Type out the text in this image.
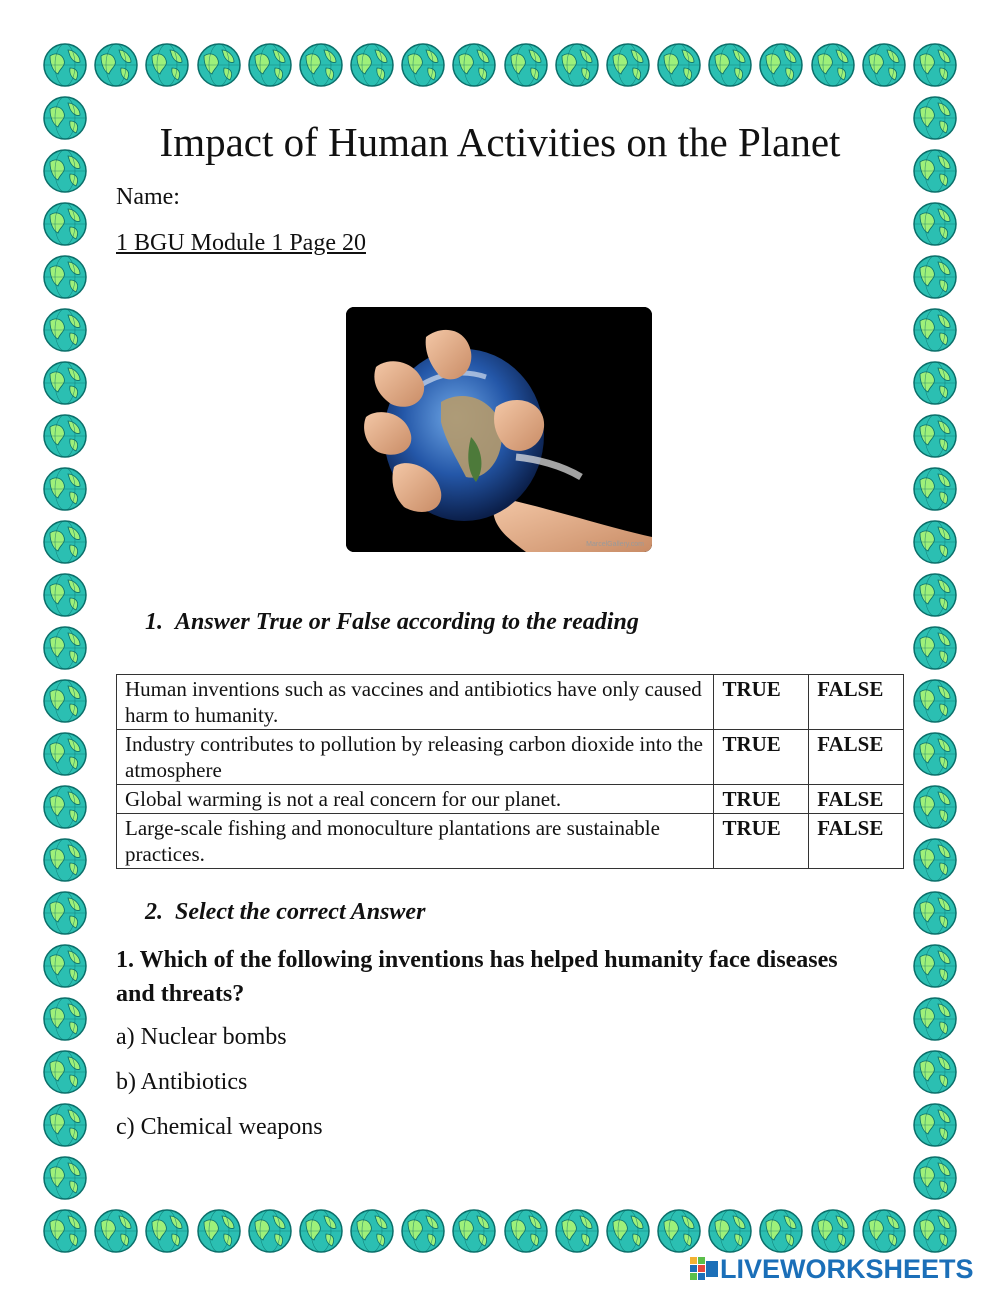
Impact of Human Activities on the Planet
Name:
1 BGU Module 1 Page 20
MarcelGallery.com
1. Answer True or False according to the reading
Human inventions such as vaccines and antibiotics have only caused harm to humanity.	TRUE	FALSE
Industry contributes to pollution by releasing carbon dioxide into the atmosphere	TRUE	FALSE
Global warming is not a real concern for our planet.	TRUE	FALSE
Large-scale fishing and monoculture plantations are sustainable practices.	TRUE	FALSE
2. Select the correct Answer
1. Which of the following inventions has helped humanity face diseases and threats?
a) Nuclear bombs
b) Antibiotics
c) Chemical weapons
LIVEWORKSHEETS
